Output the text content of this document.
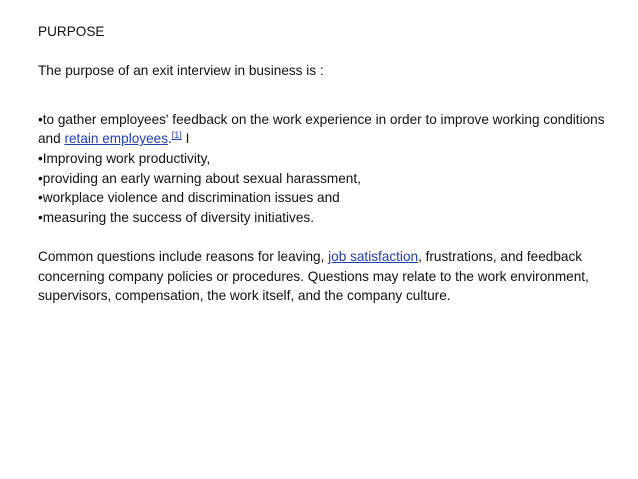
PURPOSE

The purpose of an exit interview in business is :

•to gather employees' feedback on the work experience in order to improve working conditions and retain employees.[1] I
•Improving work productivity,
•providing an early warning about sexual harassment,
•workplace violence and discrimination issues and
•measuring the success of diversity initiatives.

Common questions include reasons for leaving, job satisfaction, frustrations, and feedback concerning company policies or procedures. Questions may relate to the work environment, supervisors, compensation, the work itself, and the company culture.
